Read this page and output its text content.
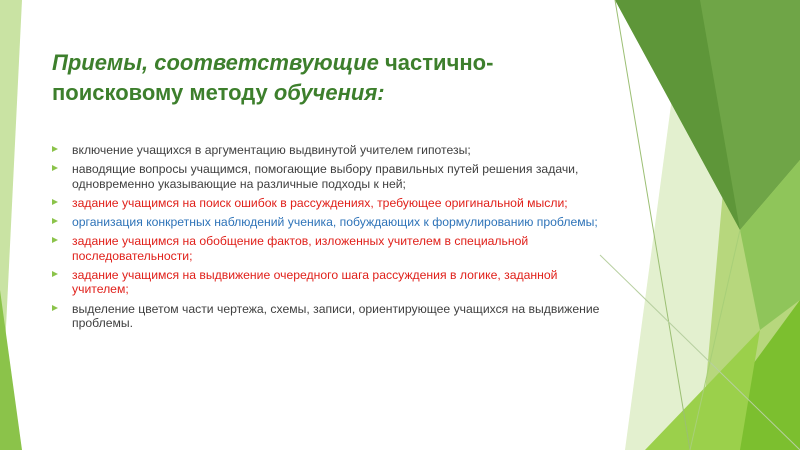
Приемы, соответствующие частично-поисковому методу обучения:
включение учащихся в аргументацию выдвинутой учителем гипотезы;
наводящие вопросы учащимся, помогающие выбору правильных путей решения задачи, одновременно указывающие на различные подходы к ней;
задание учащимся на поиск ошибок в рассуждениях, требующее оригинальной мысли;
организация конкретных наблюдений ученика, побуждающих к формулированию проблемы;
задание учащимся на обобщение фактов, изложенных учителем в специальной последовательности;
задание учащимся на выдвижение очередного шага рассуждения в логике, заданной учителем;
выделение цветом части чертежа, схемы, записи, ориентирующее учащихся на выдвижение проблемы.
